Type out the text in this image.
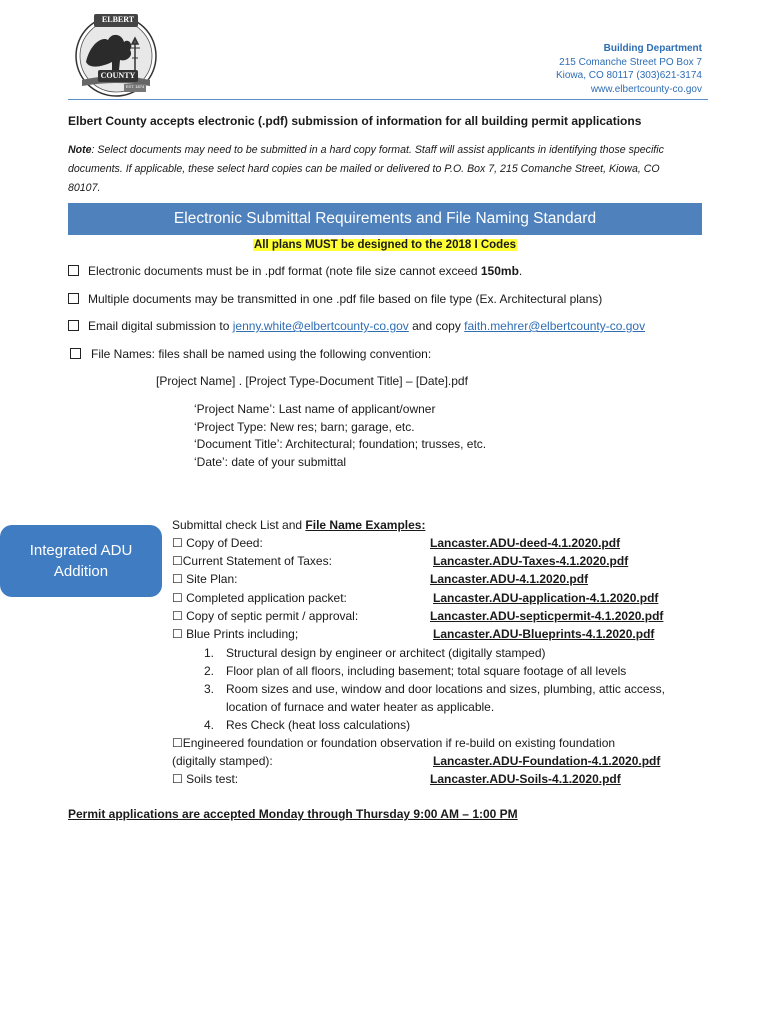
ELBERT
COUNTY
EST. 1874
Building Department
215 Comanche Street PO Box 7
Kiowa, CO 80117 (303)621-3174
www.elbertcounty-co.gov
Elbert County accepts electronic (.pdf) submission of information for all building permit applications
Note: Select documents may need to be submitted in a hard copy format. Staff will assist applicants in identifying those specific documents. If applicable, these select hard copies can be mailed or delivered to P.O. Box 7, 215 Comanche Street, Kiowa, CO 80107.
Electronic Submittal Requirements and File Naming Standard
All plans MUST be designed to the 2018 I Codes
Electronic documents must be in .pdf format (note file size cannot exceed 150mb.
Multiple documents may be transmitted in one .pdf file based on file type (Ex. Architectural plans)
Email digital submission to jenny.white@elbertcounty-co.gov and copy faith.mehrer@elbertcounty-co.gov
File Names: files shall be named using the following convention:
[Project Name] . [Project Type-Document Title] – [Date].pdf
‘Project Name’: Last name of applicant/owner
‘Project Type: New res; barn; garage, etc.
‘Document Title’: Architectural; foundation; trusses, etc.
‘Date’: date of your submittal
Integrated ADU Addition
Submittal check List and File Name Examples:
☐ Copy of Deed:	Lancaster.ADU-deed-4.1.2020.pdf
☐Current Statement of Taxes:	Lancaster.ADU-Taxes-4.1.2020.pdf
☐ Site Plan:	Lancaster.ADU-4.1.2020.pdf
☐ Completed application packet:	Lancaster.ADU-application-4.1.2020.pdf
☐ Copy of septic permit / approval:	Lancaster.ADU-septicpermit-4.1.2020.pdf
☐ Blue Prints including;	Lancaster.ADU-Blueprints-4.1.2020.pdf
1. Structural design by engineer or architect (digitally stamped)
2. Floor plan of all floors, including basement; total square footage of all levels
3. Room sizes and use, window and door locations and sizes, plumbing, attic access,
location of furnace and water heater as applicable.
4. Res Check (heat loss calculations)
☐Engineered foundation or foundation observation if re-build on existing foundation
(digitally stamped):	Lancaster.ADU-Foundation-4.1.2020.pdf
☐ Soils test:	Lancaster.ADU-Soils-4.1.2020.pdf
Permit applications are accepted Monday through Thursday 9:00 AM – 1:00 PM
